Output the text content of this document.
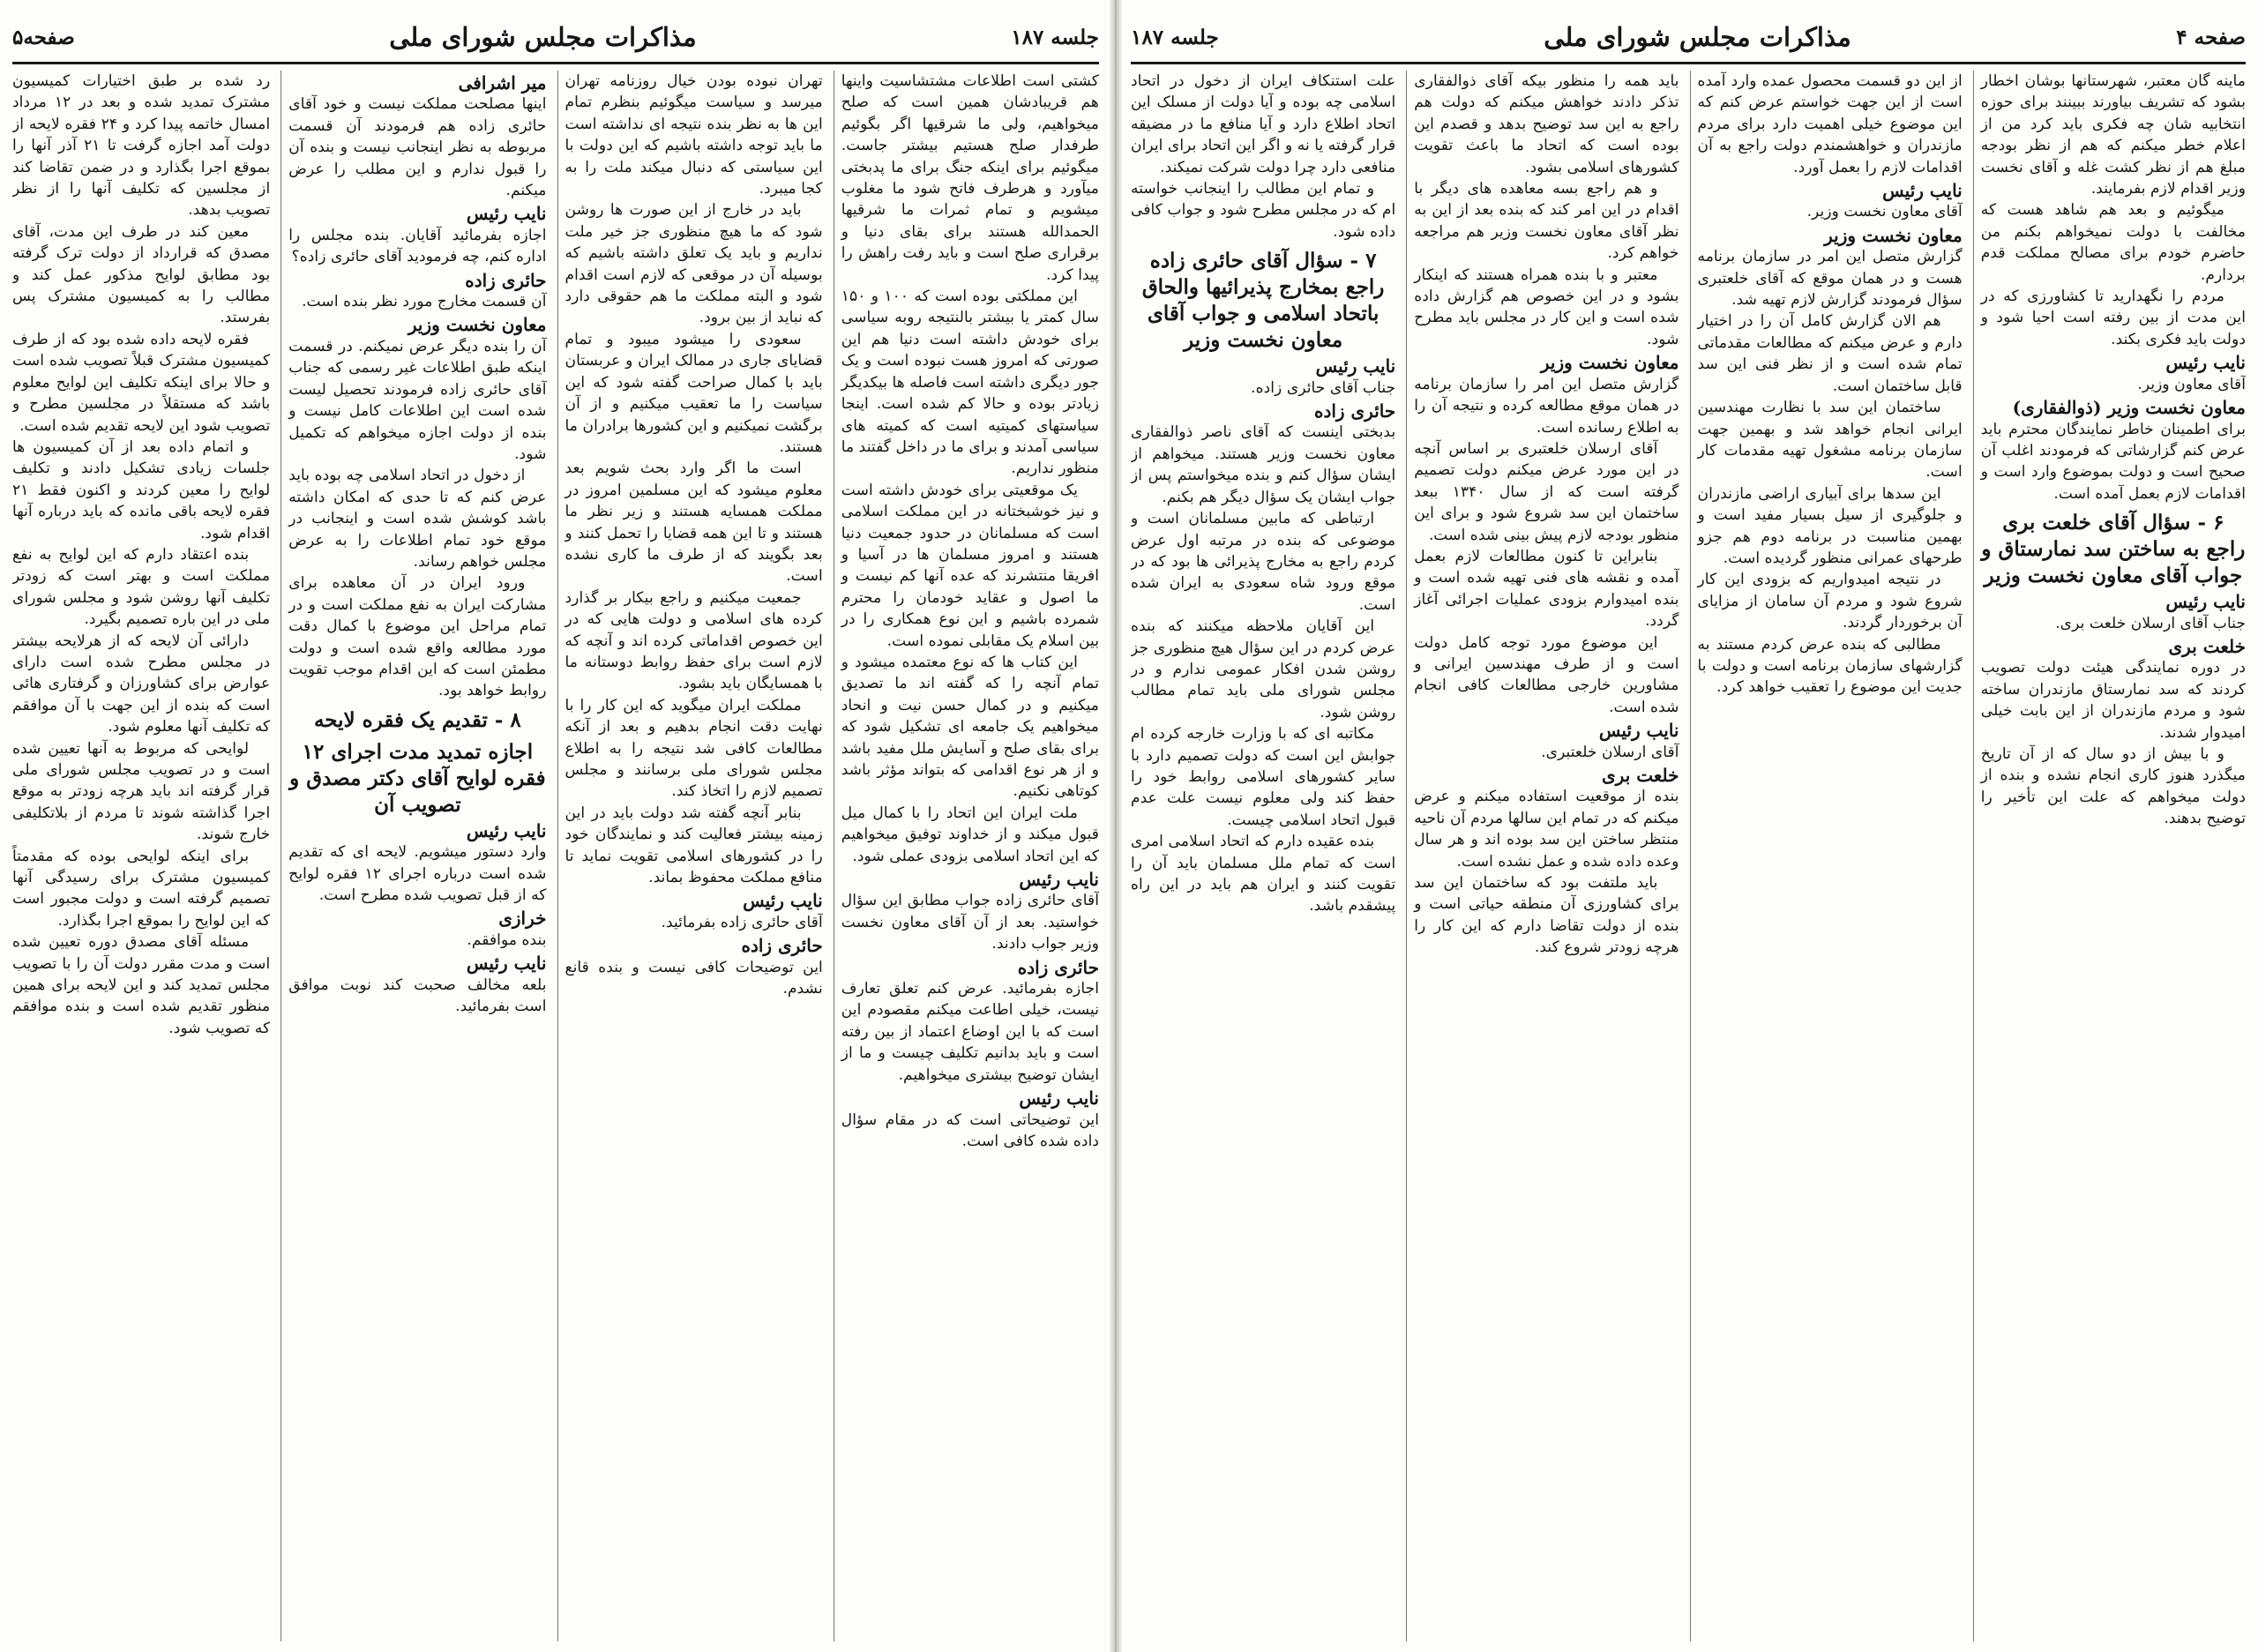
جلسه ۱۸۷
مذاکرات مجلس شورای ملی
صفحه۵

کشتی است اطلاعات مشتشاسیت واینها هم قریبادشان همین است که صلح میخواهیم، ولی ما شرقیها اگر بگوئیم طرفدار صلح هستیم بیشتر جاست. میگوئیم برای اینکه جنگ برای ما پدبختی میآورد و هرطرف فاتح شود ما مغلوب میشویم و تمام ثمرات ما شرقیها الحمدالله هستند برای بقای دنیا و برقراری صلح است و باید رفت راهش را پیدا کرد.

این مملکتی بوده است که ۱۰۰ و ۱۵۰ سال کمتر یا بیشتر بالنتیجه روبه سیاسی برای خودش داشته است دنیا هم این صورتی که امروز هست نبوده است و یک جور دیگری داشته است فاصله ها بیکدیگر زیادتر بوده و حالا کم شده است. اینجا سیاستهای کمیتیه است که کمیته های سیاسی آمدند و برای ما در داخل گفتند ما منظور نداریم.

یک موقعیتی برای خودش داشته است و نیز خوشبختانه در این مملکت اسلامی است که مسلمانان در حدود جمعیت دنیا هستند و امروز مسلمان ها در آسیا و افریقا منتشرند که عده آنها کم نیست و ما اصول و عقاید خودمان را محترم شمرده باشیم و این نوع همکاری را در بین اسلام یک مقابلی نموده است.

این کتاب ها که نوع معتمده میشود و تمام آنچه را که گفته اند ما تصدیق میکنیم و در کمال حسن نیت و انحاد میخواهیم یک جامعه ای تشکیل شود که برای بقای صلح و آسایش ملل مفید باشد و از هر نوع اقدامی که بتواند مؤثر باشد کوتاهی نکنیم.

ملت ایران این اتحاد را با کمال میل قبول میکند و از خداوند توفیق میخواهیم که این اتحاد اسلامی بزودی عملی شود.

نایب رئیس

آقای حائری زاده جواب مطابق این سؤال خواستید. بعد از آن آقای معاون نخست وزیر جواب دادند.

حائری زاده

اجازه بفرمائید. عرض کنم تعلق تعارف نیست، خیلی اطاعت میکنم مقصودم این است که با این اوضاع اعتماد از بین رفته است و باید بدانیم تکلیف چیست و ما از ایشان توضیح بیشتری میخواهیم.

نایب رئیس

این توضیحاتی است که در مقام سؤال داده شده کافی است.

تهران نبوده بودن خیال روزنامه تهران میرسد و سیاست میگوئیم بنظرم تمام این ها به نظر بنده نتیجه ای نداشته است ما باید توجه داشته باشیم که این دولت با این سیاستی که دنبال میکند ملت را به کجا میبرد.

باید در خارج از این صورت ها روشن شود که ما هیچ منظوری جز خیر ملت نداریم و باید یک تعلق داشته باشیم که بوسیله آن در موقعی که لازم است اقدام شود و البته مملکت ما هم حقوقی دارد که نباید از بین برود.

سعودی را میشود میبود و تمام قضایای جاری در ممالک ایران و عربستان باید با کمال صراحت گفته شود که این سیاست را ما تعقیب میکنیم و از آن برگشت نمیکنیم و این کشورها برادران ما هستند.

است ما اگر وارد بحث شویم بعد معلوم میشود که این مسلمین امروز در مملکت همسایه هستند و زیر نظر ما هستند و تا این همه قضایا را تحمل کنند و بعد بگویند که از طرف ما کاری نشده است.

جمعیت میکنیم و راجع بیکار بر گذارد کرده های اسلامی و دولت هایی که در این خصوص اقداماتی کرده اند و آنچه که لازم است برای حفظ روابط دوستانه ما با همسایگان باید بشود.

مملکت ایران میگوید که این کار را با نهایت دقت انجام بدهیم و بعد از آنکه مطالعات کافی شد نتیجه را به اطلاع مجلس شورای ملی برسانند و مجلس تصمیم لازم را اتخاذ کند.

بنابر آنچه گفته شد دولت باید در این زمینه بیشتر فعالیت کند و نمایندگان خود را در کشورهای اسلامی تقویت نماید تا منافع مملکت محفوظ بماند.

نایب رئیس

آقای حائری زاده بفرمائید.

حائری زاده

این توضیحات کافی نیست و بنده قانع نشدم.

میر اشرافی

اینها مصلحت مملکت نیست و خود آقای حائری زاده هم فرمودند آن قسمت مربوطه به نظر اینجانب نیست و بنده آن را قبول ندارم و این مطلب را عرض میکنم.

نایب رئیس

اجازه بفرمائید آقایان. بنده مجلس را اداره کنم، چه فرمودید آقای حائری زاده؟

حائری زاده

آن قسمت مخارج مورد نظر بنده است.

معاون نخست وزیر

آن را بنده دیگر عرض نمیکنم. در قسمت اینکه طبق اطلاعات غیر رسمی که جناب آقای حائری زاده فرمودند تحصیل لیست شده است این اطلاعات کامل نیست و بنده از دولت اجازه میخواهم که تکمیل شود.

از دخول در اتحاد اسلامی چه بوده باید عرض کنم که تا حدی که امکان داشته باشد کوشش شده است و اینجانب در موقع خود تمام اطلاعات را به عرض مجلس خواهم رساند.

ورود ایران در آن معاهده برای مشارکت ایران به نفع مملکت است و در تمام مراحل این موضوع با کمال دقت مورد مطالعه واقع شده است و دولت مطمئن است که این اقدام موجب تقویت روابط خواهد بود.

۸ - تقدیم یک فقره لایحه
اجازه تمدید مدت اجرای ۱۲ فقره لوایح آقای دکتر مصدق و تصویب آن
نایب رئیس

وارد دستور میشویم. لایحه ای که تقدیم شده است درباره اجرای ۱۲ فقره لوایح که از قبل تصویب شده مطرح است.

خرازی

بنده موافقم.

نایب رئیس

بلعه مخالف صحبت کند نوبت موافق است بفرمائید.

رد شده بر طبق اختیارات کمیسیون مشترک تمدید شده و بعد در ۱۲ مرداد امسال خاتمه پیدا کرد و ۲۴ فقره لایحه از دولت آمد اجازه گرفت تا ۲۱ آذر آنها را بموقع اجرا بگذارد و در ضمن تقاضا کند از مجلسین که تکلیف آنها را از نظر تصویب بدهد.

معین کند در طرف این مدت، آقای مصدق که قرارداد از دولت ترک گرفته بود مطابق لوایح مذکور عمل کند و مطالب را به کمیسیون مشترک پس بفرستد.

فقره لایحه داده شده بود که از طرف کمیسیون مشترک قبلاً تصویب شده است و حالا برای اینکه تکلیف این لوایح معلوم باشد که مستقلاً در مجلسین مطرح و تصویب شود این لایحه تقدیم شده است.

و اتمام داده بعد از آن کمیسیون ها جلسات زیادی تشکیل دادند و تکلیف لوایح را معین کردند و اکنون فقط ۲۱ فقره لایحه باقی مانده که باید درباره آنها اقدام شود.

بنده اعتقاد دارم که این لوایح به نفع مملکت است و بهتر است که زودتر تکلیف آنها روشن شود و مجلس شورای ملی در این باره تصمیم بگیرد.

دارائی آن لایحه که از هرلایحه بیشتر در مجلس مطرح شده است دارای عوارض برای کشاورزان و گرفتاری هائی است که بنده از این جهت با آن موافقم که تکلیف آنها معلوم شود.

لوایحی که مربوط به آنها تعیین شده است و در تصویب مجلس شورای ملی قرار گرفته اند باید هرچه زودتر به موقع اجرا گذاشته شوند تا مردم از بلاتکلیفی خارج شوند.

برای اینکه لوایحی بوده که مقدمتاً کمیسیون مشترک برای رسیدگی آنها تصمیم گرفته است و دولت مجبور است که این لوایح را بموقع اجرا بگذارد.

مسئله آقای مصدق دوره تعیین شده است و مدت مقرر دولت آن را با تصویب مجلس تمدید کند و این لایحه برای همین منظور تقدیم شده است و بنده موافقم که تصویب شود.

صفحه ۴
مذاکرات مجلس شورای ملی
جلسه ۱۸۷

ماینه گان معتبر، شهرستانها بوشان اخطار بشود که تشریف بیاورند ببینند برای حوزه انتخابیه شان چه فکری باید کرد من از اعلام خطر میکنم که هم از نظر بودجه مبلغ هم از نظر کشت غله و آقای نخست وزیر اقدام لازم بفرمایند.

میگوئیم و بعد هم شاهد هست که مخالفت با دولت نمیخواهم بکنم من حاضرم خودم برای مصالح مملکت قدم بردارم.

مردم را نگهدارید تا کشاورزی که در این مدت از بین رفته است احیا شود و دولت باید فکری بکند.

نایب رئیس

آقای معاون وزیر.

معاون نخست وزیر (ذوالفقاری)

برای اطمینان خاطر نمایندگان محترم باید عرض کنم گزارشاتی که فرمودند اغلب آن صحیح است و دولت بموضوع وارد است و اقدامات لازم بعمل آمده است.

۶ - سؤال آقای خلعت بری راجع به ساختن سد نمارستاق و جواب آقای معاون نخست وزیر
نایب رئیس

جناب آقای ارسلان خلعت بری.

خلعت بری

در دوره نمایندگی هیئت دولت تصویب کردند که سد نمارستاق مازندران ساخته شود و مردم مازندران از این بابت خیلی امیدوار شدند.

و با بیش از دو سال که از آن تاریخ میگذرد هنوز کاری انجام نشده و بنده از دولت میخواهم که علت این تأخیر را توضیح بدهند.

از این دو قسمت محصول عمده وارد آمده است از این جهت خواستم عرض کنم که این موضوع خیلی اهمیت دارد برای مردم مازندران و خواهشمندم دولت راجع به آن اقدامات لازم را بعمل آورد.

نایب رئیس

آقای معاون نخست وزیر.

معاون نخست وزیر

گزارش متصل این امر در سازمان برنامه هست و در همان موقع که آقای خلعتبری سؤال فرمودند گزارش لازم تهیه شد.

هم الان گزارش کامل آن را در اختیار دارم و عرض میکنم که مطالعات مقدماتی تمام شده است و از نظر فنی این سد قابل ساختمان است.

ساختمان این سد با نظارت مهندسین ایرانی انجام خواهد شد و بهمین جهت سازمان برنامه مشغول تهیه مقدمات کار است.

این سدها برای آبیاری اراضی مازندران و جلوگیری از سیل بسیار مفید است و بهمین مناسبت در برنامه دوم هم جزو طرحهای عمرانی منظور گردیده است.

در نتیجه امیدواریم که بزودی این کار شروع شود و مردم آن سامان از مزایای آن برخوردار گردند.

مطالبی که بنده عرض کردم مستند به گزارشهای سازمان برنامه است و دولت با جدیت این موضوع را تعقیب خواهد کرد.

باید همه را منظور بیکه آقای ذوالفقاری تذکر دادند خواهش میکنم که دولت هم راجع به این سد توضیح بدهد و قصدم این بوده است که اتحاد ما باعث تقویت کشورهای اسلامی بشود.

و هم راجع بسه معاهده های دیگر با اقدام در این امر کند که بنده بعد از این به نظر آقای معاون نخست وزیر هم مراجعه خواهم کرد.

معتبر و با بنده همراه هستند که اینکار بشود و در این خصوص هم گزارش داده شده است و این کار در مجلس باید مطرح شود.

معاون نخست وزیر

گزارش متصل این امر را سازمان برنامه در همان موقع مطالعه کرده و نتیجه آن را به اطلاع رسانده است.

آقای ارسلان خلعتبری بر اساس آنچه در این مورد عرض میکنم دولت تصمیم گرفته است که از سال ۱۳۴۰ ببعد ساختمان این سد شروع شود و برای این منظور بودجه لازم پیش بینی شده است.

بنابراین تا کنون مطالعات لازم بعمل آمده و نقشه های فنی تهیه شده است و بنده امیدوارم بزودی عملیات اجرائی آغاز گردد.

این موضوع مورد توجه کامل دولت است و از طرف مهندسین ایرانی و مشاورین خارجی مطالعات کافی انجام شده است.

نایب رئیس

آقای ارسلان خلعتبری.

خلعت بری

بنده از موقعیت استفاده میکنم و عرض میکنم که در تمام این سالها مردم آن ناحیه منتظر ساختن این سد بوده اند و هر سال وعده داده شده و عمل نشده است.

باید ملتفت بود که ساختمان این سد برای کشاورزی آن منطقه حیاتی است و بنده از دولت تقاضا دارم که این کار را هرچه زودتر شروع کند.

علت استنکاف ایران از دخول در اتحاد اسلامی چه بوده و آیا دولت از مسلک این اتحاد اطلاع دارد و آیا منافع ما در مضیقه قرار گرفته یا نه و اگر این اتحاد برای ایران منافعی دارد چرا دولت شرکت نمیکند.

و تمام این مطالب را اینجانب خواسته ام که در مجلس مطرح شود و جواب کافی داده شود.

۷ - سؤال آقای حائری زاده راجع بمخارج پذیرائیها والحاق باتحاد اسلامی و جواب آقای معاون نخست وزیر
نایب رئیس

جناب آقای حائری زاده.

حائری زاده

بدبختی اینست که آقای ناصر ذوالفقاری معاون نخست وزیر هستند. میخواهم از ایشان سؤال کنم و بنده میخواستم پس از جواب ایشان یک سؤال دیگر هم بکنم.

ارتباطی که مابین مسلمانان است و موضوعی که بنده در مرتبه اول عرض کردم راجع به مخارج پذیرائی ها بود که در موقع ورود شاه سعودی به ایران شده است.

این آقایان ملاحظه میکنند که بنده عرض کردم در این سؤال هیچ منظوری جز روشن شدن افکار عمومی ندارم و در مجلس شورای ملی باید تمام مطالب روشن شود.

مکاتبه ای که با وزارت خارجه کرده ام جوابش این است که دولت تصمیم دارد با سایر کشورهای اسلامی روابط خود را حفظ کند ولی معلوم نیست علت عدم قبول اتحاد اسلامی چیست.

بنده عقیده دارم که اتحاد اسلامی امری است که تمام ملل مسلمان باید آن را تقویت کنند و ایران هم باید در این راه پیشقدم باشد.
